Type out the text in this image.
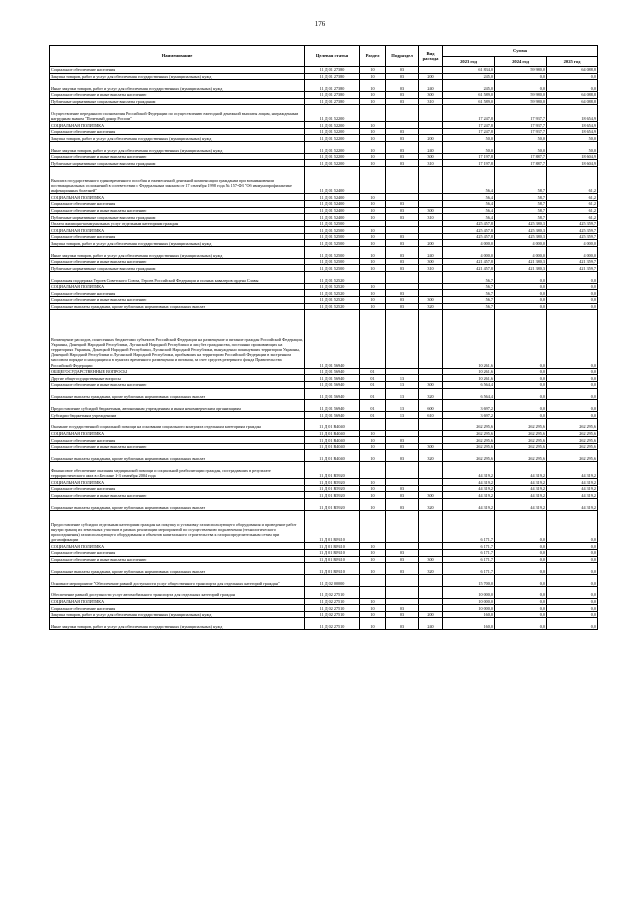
176
Наименование	Целевая статья	Раздел	Подраздел	Вид расхода	Сумма		
					2023 год	2024 год	2025 год
Социальное обеспечение населения	11 Д 01 27380	10	03		61 834,0	59 980,0	64 088,8
Закупка товаров, работ и услуг для обеспечения государственных (муниципальных) нужд	11 Д 01 27380	10	03	200	245,0	0,0	0,0
Иные закупки товаров, работ и услуг для обеспечения государственных (муниципальных) нужд	11 Д 01 27380	10	03	240	245,0	0,0	0,0
Социальное обеспечение и иные выплаты населению	11 Д 01 27380	10	03	300	61 589,0	59 980,0	64 088,8
Публичные нормативные социальные выплаты гражданам	11 Д 01 27380	10	03	310	61 589,0	59 980,0	64 088,8
Осуществление переданного полномочия Российской Федерации по осуществлению ежегодной денежной выплаты лицам, награжденным нагрудным знаком "Почетный донор России"	11 Д 01 52200				17 247,8	17 937,7	18 654,9
СОЦИАЛЬНАЯ ПОЛИТИКА	11 Д 01 52200	10			17 247,8	17 937,7	18 654,9
Социальное обеспечение населения	11 Д 01 52200	10	03		17 247,8	17 937,7	18 654,9
Закупка товаров, работ и услуг для обеспечения государственных (муниципальных) нужд	11 Д 01 52200	10	03	200	50,0	50,0	50,0
Иные закупки товаров, работ и услуг для обеспечения государственных (муниципальных) нужд	11 Д 01 52200	10	03	240	50,0	50,0	50,0
Социальное обеспечение и иные выплаты населению	11 Д 01 52200	10	03	300	17 197,8	17 887,7	18 604,9
Публичные нормативные социальные выплаты гражданам	11 Д 01 52200	10	03	310	17 197,8	17 887,7	18 604,9
Выплата государственного единовременного пособия и ежемесячной денежной компенсации гражданам при возникновении поствакцинальных осложнений в соответствии с Федеральным законом от 17 сентября 1998 года № 157-ФЗ "Об иммунопрофилактике инфекционных болезней"	11 Д 01 52400				56,4	58,7	61,2
СОЦИАЛЬНАЯ ПОЛИТИКА	11 Д 01 52400	10			56,4	58,7	61,2
Социальное обеспечение населения	11 Д 01 52400	10	03		56,4	58,7	61,2
Социальное обеспечение и иные выплаты населению	11 Д 01 52400	10	03	300	56,4	58,7	61,2
Публичные нормативные социальные выплаты гражданам	11 Д 01 52400	10	03	310	56,4	58,7	61,2
Оплата жилищно-коммунальных услуг отдельным категориям граждан	11 Д 01 52500				425 457,8	425 380,3	425 359,7
СОЦИАЛЬНАЯ ПОЛИТИКА	11 Д 01 52500	10			425 457,8	425 380,3	425 359,7
Социальное обеспечение населения	11 Д 01 52500	10	03		425 457,8	425 380,3	425 359,7
Закупка товаров, работ и услуг для обеспечения государственных (муниципальных) нужд	11 Д 01 52500	10	03	200	4 000,0	4 000,0	4 000,0
Иные закупки товаров, работ и услуг для обеспечения государственных (муниципальных) нужд	11 Д 01 52500	10	03	240	4 000,0	4 000,0	4 000,0
Социальное обеспечение и иные выплаты населению	11 Д 01 52500	10	03	300	421 457,8	421 380,3	421 359,7
Публичные нормативные социальные выплаты гражданам	11 Д 01 52500	10	03	310	421 457,8	421 380,3	421 359,7
Социальная поддержка Героев Советского Союза, Героев Российской Федерации и полных кавалеров ордена Славы	11 Д 01 52520				56,7	0,0	0,0
СОЦИАЛЬНАЯ ПОЛИТИКА	11 Д 01 52520	10			56,7	0,0	0,0
Социальное обеспечение населения	11 Д 01 52520	10	03		56,7	0,0	0,0
Социальное обеспечение и иные выплаты населению	11 Д 01 52520	10	03	300	56,7	0,0	0,0
Социальные выплаты гражданам, кроме публичных нормативных социальных выплат	11 Д 01 52520	10	03	320	56,7	0,0	0,0
Возмещение расходов, понесенных бюджетами субъектов Российской Федерации на размещение и питание граждан Российской Федерации, Украины, Донецкой Народной Республики, Луганской Народной Республики и лиц без гражданства, постоянно проживающих на территориях Украины, Донецкой Народной Республики, Луганской Народной Республики, вынужденно покинувших территории Украины, Донецкой Народной Республики и Луганской Народной Республики, прибывших на территорию Российской Федерации в экстренном массовом порядке и находящихся в пунктах временного размещения и питания, за счет средств резервного фонда Правительства Российской Федерации	11 Д 01 56940				10 261,6	0,0	0,0
ОБЩЕГОСУДАРСТВЕННЫЕ ВОПРОСЫ	11 Д 01 56940	01			10 261,6	0,0	0,0
Другие общегосударственные вопросы	11 Д 01 56940	01	13		10 261,6	0,0	0,0
Социальное обеспечение и иные выплаты населению	11 Д 01 56940	01	13	300	6 564,4	0,0	0,0
Социальные выплаты гражданам, кроме публичных нормативных социальных выплат	11 Д 01 56940	01	13	320	6 564,4	0,0	0,0
Предоставление субсидий бюджетным, автономным учреждениям и иным некоммерческим организациям	11 Д 01 56940	01	13	600	3 697,2	0,0	0,0
Субсидии бюджетным учреждениям	11 Д 01 56940	01	13	610	3 697,2	0,0	0,0
Оказание государственной социальной помощи на основании социального контракта отдельным категориям граждан	11 Д 01 R4040				262 295,6	262 295,6	262 295,6
СОЦИАЛЬНАЯ ПОЛИТИКА	11 Д 01 R4040	10			262 295,6	262 295,6	262 295,6
Социальное обеспечение населения	11 Д 01 R4040	10	03		262 295,6	262 295,6	262 295,6
Социальное обеспечение и иные выплаты населению	11 Д 01 R4040	10	03	300	262 295,6	262 295,6	262 295,6
Социальные выплаты гражданам, кроме публичных нормативных социальных выплат	11 Д 01 R4040	10	03	320	262 295,6	262 295,6	262 295,6
Финансовое обеспечение оказания медицинской помощи и социальной реабилитации граждан, пострадавших в результате террористического акта в г.Беслане 1-3 сентября 2004 года	11 Д 01 R5920				44 319,2	44 319,2	44 319,2
СОЦИАЛЬНАЯ ПОЛИТИКА	11 Д 01 R5920	10			44 319,2	44 319,2	44 319,2
Социальное обеспечение населения	11 Д 01 R5920	10	03		44 319,2	44 319,2	44 319,2
Социальное обеспечение и иные выплаты населению	11 Д 01 R5920	10	03	300	44 319,2	44 319,2	44 319,2
Социальные выплаты гражданам, кроме публичных нормативных социальных выплат	11 Д 01 R5920	10	03	320	44 319,2	44 319,2	44 319,2
Предоставление субсидии отдельным категориям граждан на покупку и установку газоиспользующего оборудования и проведение работ внутри границ их земельных участков в рамках реализации мероприятий по осуществлению подключения (технологического присоединения) газоиспользующего оборудования и объектов капитального строительства к газораспределительным сетям при догазификации	11 Д 01 RР410				6 171,7	0,0	0,0
СОЦИАЛЬНАЯ ПОЛИТИКА	11 Д 01 RР410	10			6 171,7	0,0	0,0
Социальное обеспечение населения	11 Д 01 RР410	10	03		6 171,7	0,0	0,0
Социальное обеспечение и иные выплаты населению	11 Д 01 RР410	10	03	300	6 171,7	0,0	0,0
Социальные выплаты гражданам, кроме публичных нормативных социальных выплат	11 Д 01 RР410	10	03	320	6 171,7	0,0	0,0
Основное мероприятие "Обеспечение равной доступности услуг общественного транспорта для отдельных категорий граждан"	11 Д 02 00000				15 700,0	0,0	0,0
Обеспечение равной доступности услуг автомобильного транспорта для отдельных категорий граждан	11 Д 02 27510				10 000,0	0,0	0,0
СОЦИАЛЬНАЯ ПОЛИТИКА	11 Д 02 27510	10			10 000,0	0,0	0,0
Социальное обеспечение населения	11 Д 02 27510	10	03		10 000,0	0,0	0,0
Закупка товаров, работ и услуг для обеспечения государственных (муниципальных) нужд	11 Д 02 27510	10	03	200	160,0	0,0	0,0
Иные закупки товаров, работ и услуг для обеспечения государственных (муниципальных) нужд	11 Д 02 27510	10	03	240	160,0	0,0	0,0
